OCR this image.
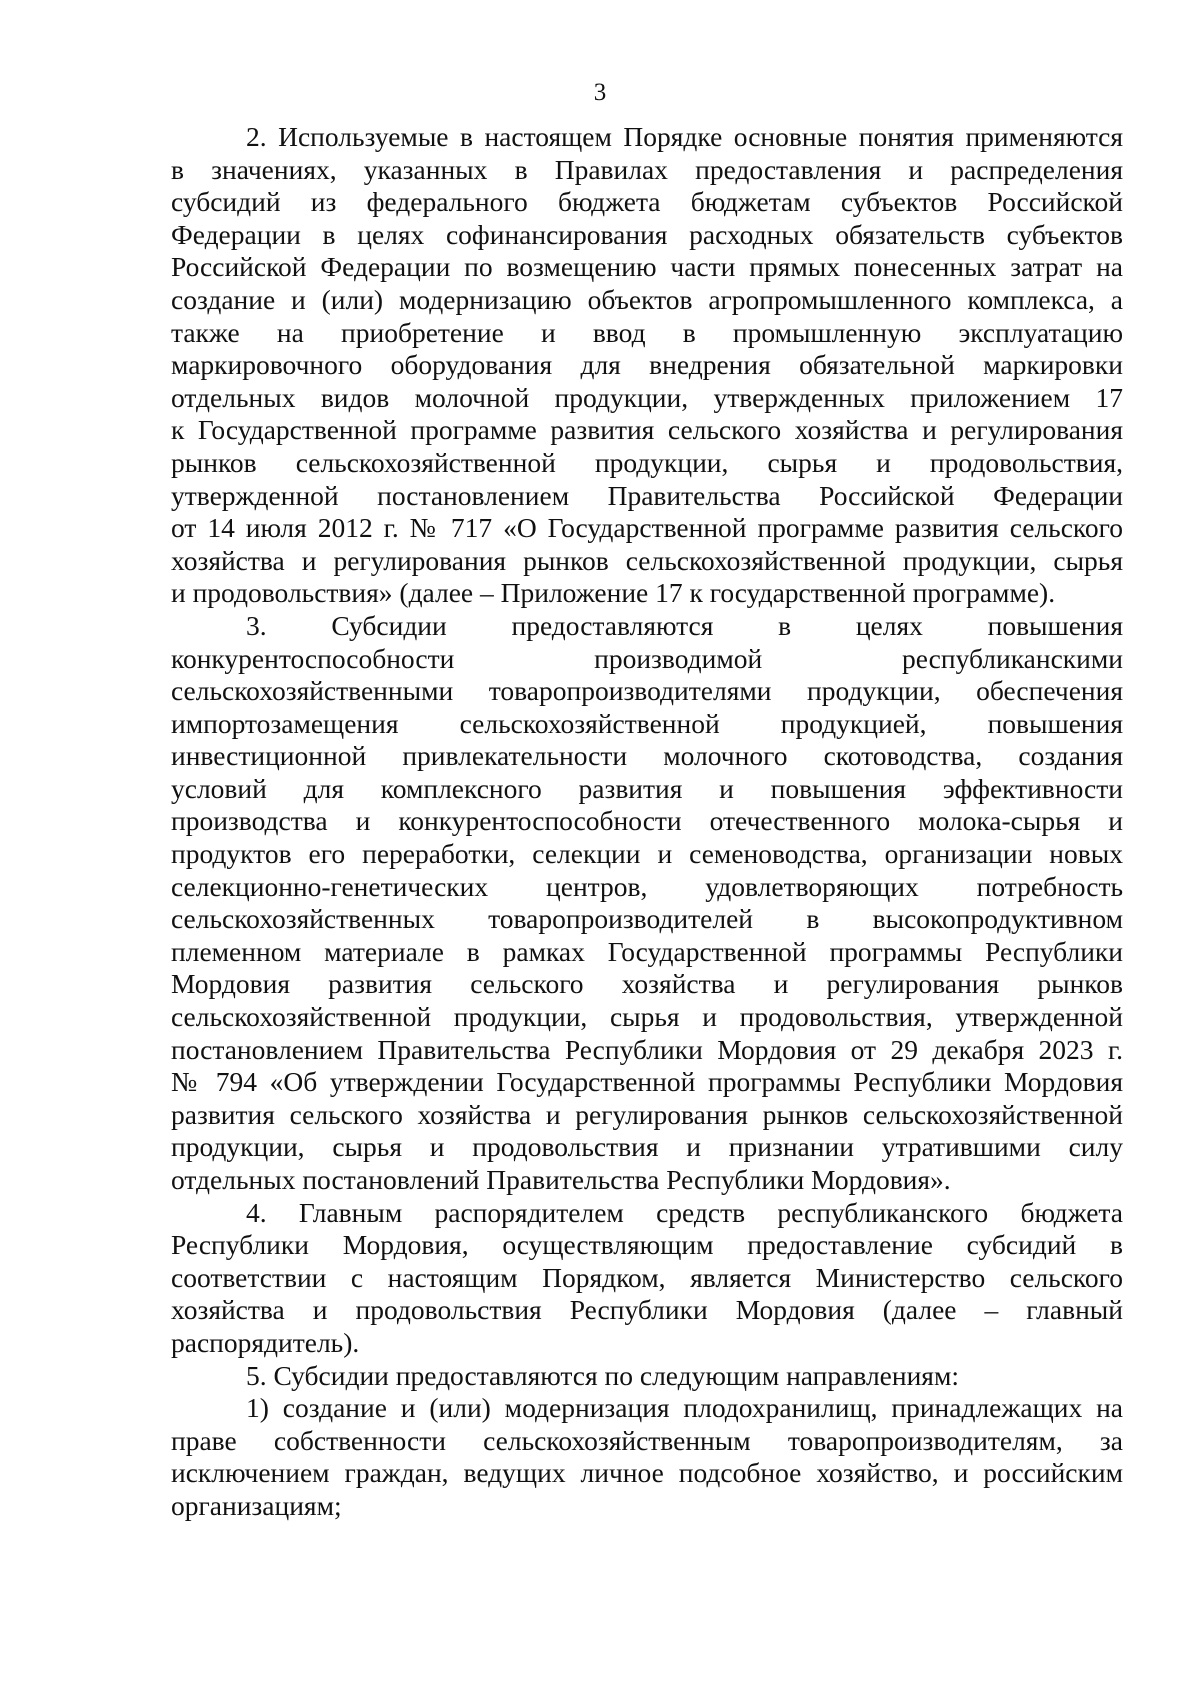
3
2. Используемые в настоящем Порядке основные понятия применяются
в значениях, указанных в Правилах предоставления и распределения
субсидий из федерального бюджета бюджетам субъектов Российской
Федерации в целях софинансирования расходных обязательств субъектов
Российской Федерации по возмещению части прямых понесенных затрат на
создание и (или) модернизацию объектов агропромышленного комплекса, а
также на приобретение и ввод в промышленную эксплуатацию
маркировочного оборудования для внедрения обязательной маркировки
отдельных видов молочной продукции, утвержденных приложением 17
к Государственной программе развития сельского хозяйства и регулирования
рынков сельскохозяйственной продукции, сырья и продовольствия,
утвержденной постановлением Правительства Российской Федерации
от 14 июля 2012 г. № 717 «О Государственной программе развития сельского
хозяйства и регулирования рынков сельскохозяйственной продукции, сырья
и продовольствия» (далее – Приложение 17 к государственной программе).
3. Субсидии предоставляются в целях повышения
конкурентоспособности производимой республиканскими
сельскохозяйственными товаропроизводителями продукции, обеспечения
импортозамещения сельскохозяйственной продукцией, повышения
инвестиционной привлекательности молочного скотоводства, создания
условий для комплексного развития и повышения эффективности
производства и конкурентоспособности отечественного молока-сырья и
продуктов его переработки, селекции и семеноводства, организации новых
селекционно-генетических центров, удовлетворяющих потребность
сельскохозяйственных товаропроизводителей в высокопродуктивном
племенном материале в рамках Государственной программы Республики
Мордовия развития сельского хозяйства и регулирования рынков
сельскохозяйственной продукции, сырья и продовольствия, утвержденной
постановлением Правительства Республики Мордовия от 29 декабря 2023 г.
№ 794 «Об утверждении Государственной программы Республики Мордовия
развития сельского хозяйства и регулирования рынков сельскохозяйственной
продукции, сырья и продовольствия и признании утратившими силу
отдельных постановлений Правительства Республики Мордовия».
4. Главным распорядителем средств республиканского бюджета
Республики Мордовия, осуществляющим предоставление субсидий в
соответствии с настоящим Порядком, является Министерство сельского
хозяйства и продовольствия Республики Мордовия (далее – главный
распорядитель).
5. Субсидии предоставляются по следующим направлениям:
1) создание и (или) модернизация плодохранилищ, принадлежащих на
праве собственности сельскохозяйственным товаропроизводителям, за
исключением граждан, ведущих личное подсобное хозяйство, и российским
организациям;
